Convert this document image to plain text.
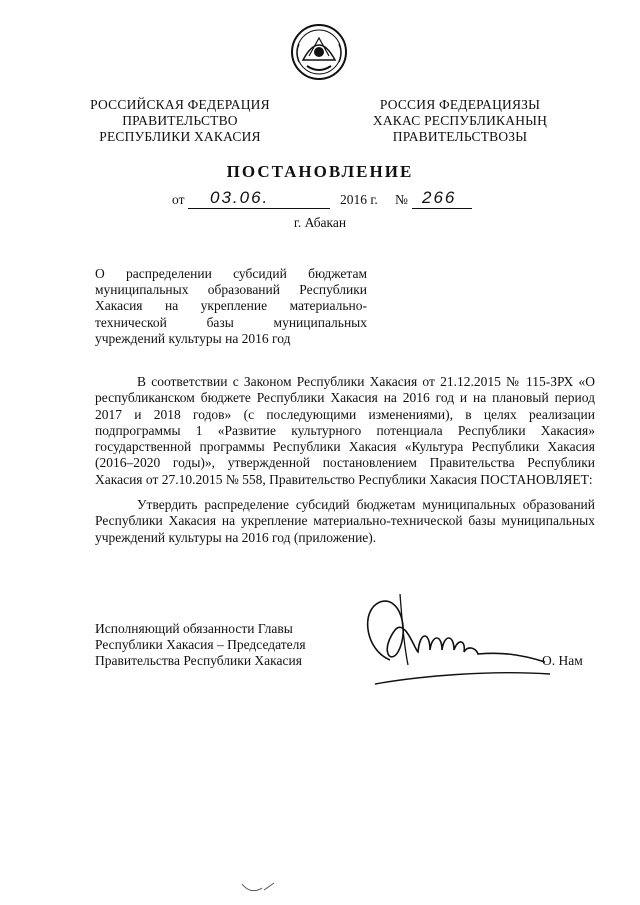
РОССИЙСКАЯ ФЕДЕРАЦИЯ
ПРАВИТЕЛЬСТВО
РЕСПУБЛИКИ ХАКАСИЯ
РОССИЯ ФЕДЕРАЦИЯЗЫ
ХАКАС РЕСПУБЛИКАНЫҢ
ПРАВИТЕЛЬСТВОЗЫ
ПОСТАНОВЛЕНИЕ
от	03.06.	2016 г. № 266
г. Абакан
О распределении субсидий бюджетам
муниципальных образований Республики
Хакасия на укрепление материально-
технической базы муниципальных
учреждений культуры на 2016 год
В соответствии с Законом Республики Хакасия от 21.12.2015 № 115-ЗРХ «О республиканском бюджете Республики Хакасия на 2016 год и на плановый период 2017 и 2018 годов» (с последующими изменениями), в целях реализации подпрограммы 1 «Развитие культурного потенциала Республики Хакасия» государственной программы Республики Хакасия «Культура Республики Хакасия (2016–2020 годы)», утвержденной постановлением Правительства Республики Хакасия от 27.10.2015 № 558, Правительство Республики Хакасия ПОСТАНОВЛЯЕТ:
Утвердить распределение субсидий бюджетам муниципальных образований Республики Хакасия на укрепление материально-технической базы муниципальных учреждений культуры на 2016 год (приложение).
Исполняющий обязанности Главы
Республики Хакасия – Председателя
Правительства Республики Хакасия	О. Нам
